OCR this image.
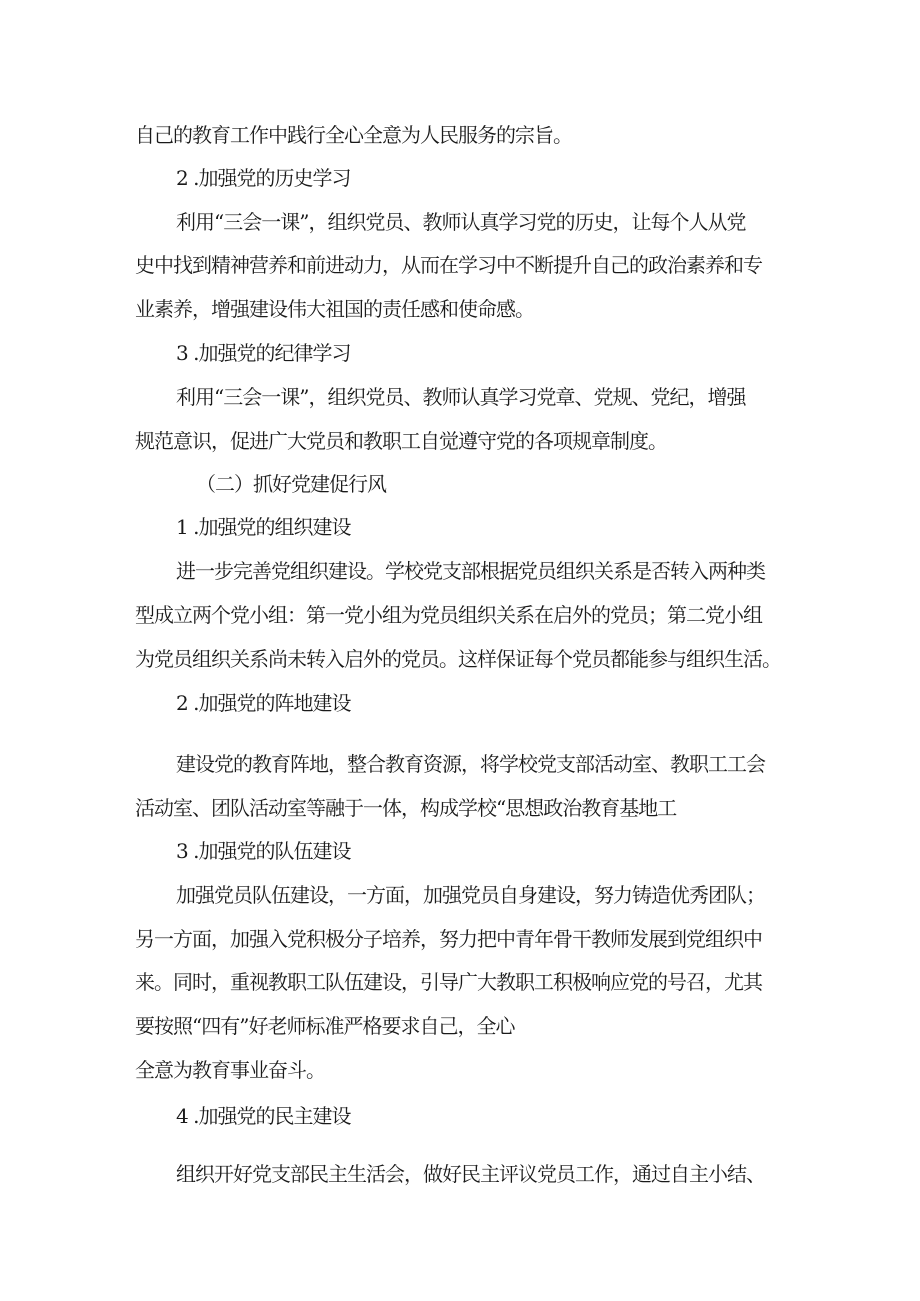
自己的教育工作中践行全心全意为人民服务的宗旨。
2 .加强党的历史学习
利用“三会一课”，组织党员、教师认真学习党的历史，让每个人从党
史中找到精神营养和前进动力，从而在学习中不断提升自己的政治素养和专
业素养，增强建设伟大祖国的责任感和使命感。
3 .加强党的纪律学习
利用“三会一课”，组织党员、教师认真学习党章、党规、党纪，增强
规范意识，促进广大党员和教职工自觉遵守党的各项规章制度。
（二）抓好党建促行风
1 .加强党的组织建设
进一步完善党组织建设。学校党支部根据党员组织关系是否转入两种类
型成立两个党小组：第一党小组为党员组织关系在启外的党员；第二党小组
为党员组织关系尚未转入启外的党员。这样保证每个党员都能参与组织生活。
2 .加强党的阵地建设
建设党的教育阵地，整合教育资源，将学校党支部活动室、教职工工会
活动室、团队活动室等融于一体，构成学校“思想政治教育基地工
3 .加强党的队伍建设
加强党员队伍建设，一方面，加强党员自身建设，努力铸造优秀团队；
另一方面，加强入党积极分子培养，努力把中青年骨干教师发展到党组织中
来。同时，重视教职工队伍建设，引导广大教职工积极响应党的号召，尤其
要按照“四有”好老师标准严格要求自己，全心
全意为教育事业奋斗。
4 .加强党的民主建设
组织开好党支部民主生活会，做好民主评议党员工作，通过自主小结、
